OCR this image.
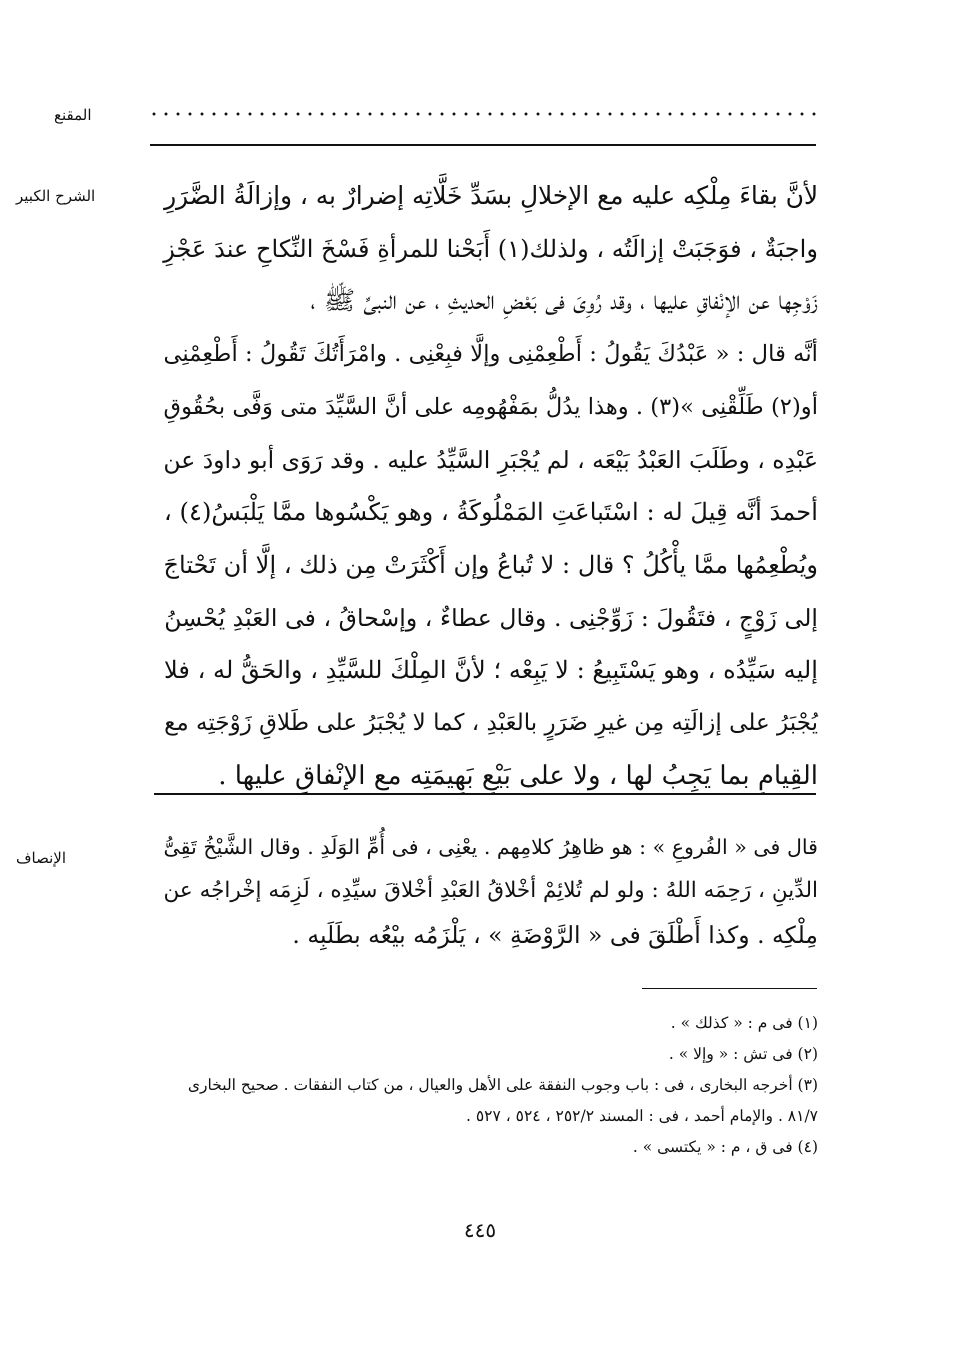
المقنع
الشرح الكبير	لأنَّ بقاءَ مِلْكِه عليه مع الإخلالِ بسَدِّ خَلَّاتِه إضرارٌ به ، وإزالَةُ الضَّرَرِ
واجبَةٌ ، فوَجَبَتْ إزالَتُه ، ولذلك(١) أَبَحْنا للمرأةِ فَسْخَ النِّكاحِ عندَ عَجْزِ
زَوْجِها عن الإنْفاقِ عليها ، وقد رُوِىَ فى بَعْضِ الحديثِ ، عن النبىِّ ﷺ ،
أنَّه قال : « عَبْدُكَ يَقُولُ : أَطْعِمْنِى وإلَّا فبِعْنِى . وامْرَأَتُكَ تَقُولُ : أَطْعِمْنِى
أو(٢) طَلِّقْنِى »(٣) . وهذا يدُلُّ بمَفْهُومِه على أنَّ السَّيِّدَ متى وَفَّى بحُقُوقِ
عَبْدِه ، وطَلَبَ العَبْدُ بَيْعَه ، لم يُجْبَرِ السَّيِّدُ عليه . وقد رَوَى أبو داودَ عن
أحمدَ أنَّه قِيلَ له : اسْتَباعَتِ المَمْلُوكَةُ ، وهو يَكْسُوها ممَّا يَلْبَسُ(٤) ،
ويُطْعِمُها ممَّا يأْكُلُ ؟ قال : لا تُباعُ وإن أَكْثَرَتْ مِن ذلك ، إلَّا أن تَحْتاجَ
إلى زَوْجٍ ، فتَقُولَ : زَوِّجْنِى . وقال عطاءٌ ، وإسْحاقُ ، فى العَبْدِ يُحْسِنُ
إليه سَيِّدُه ، وهو يَسْتَبِيعُ : لا يَبِعْه ؛ لأنَّ المِلْكَ للسَّيِّدِ ، والحَقُّ له ، فلا
يُجْبَرُ على إزالَتِه مِن غيرِ ضَرَرٍ بالعَبْدِ ، كما لا يُجْبَرُ على طَلاقِ زَوْجَتِه مع
القِيامِ بما يَجِبُ لها ، ولا على بَيْعِ بَهِيمَتِه مع الإنْفاقِ عليها .
الإنصاف	قال فى « الفُروعِ » : هو ظاهِرُ كلامِهم . يعْنِى ، فى أُمِّ الوَلَدِ . وقال الشَّيْخُ تَقِىُّ
الدِّينِ ، رَحِمَه اللهُ : ولو لم تُلائِمْ أخْلاقُ العَبْدِ أخْلاقَ سيِّدِه ، لَزِمَه إخْراجُه عن
مِلْكِه . وكذا أَطْلَقَ فى « الرَّوْضَةِ » ، يَلْزَمُه بيْعُه بطَلَبِه .
(١) فى م : « كذلك » .
(٢) فى تش : « وإلا » .
(٣) أخرجه البخارى ، فى : باب وجوب النفقة على الأهل والعيال ، من كتاب النفقات . صحيح البخارى
٨١/٧ . والإمام أحمد ، فى : المسند ٢٥٢/٢ ، ٥٢٤ ، ٥٢٧ .
(٤) فى ق ، م : « يكتسى » .
٤٤٥
